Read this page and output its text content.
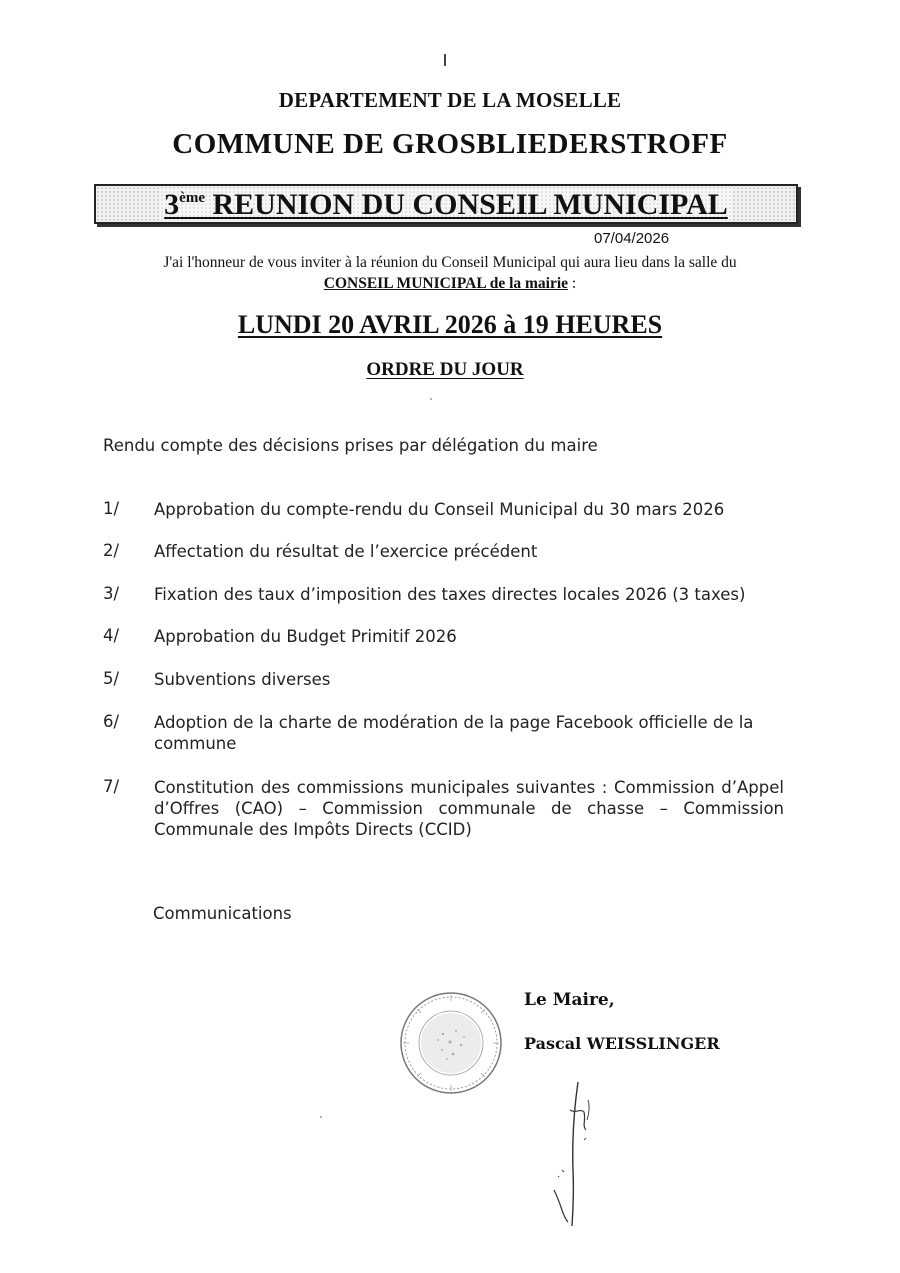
DEPARTEMENT DE LA MOSELLE
COMMUNE DE GROSBLIEDERSTROFF
3ème REUNION DU CONSEIL MUNICIPAL
07/04/2026
J'ai l'honneur de vous inviter à la réunion du Conseil Municipal qui aura lieu dans la salle du
CONSEIL MUNICIPAL de la mairie :
LUNDI 20 AVRIL 2026 à 19 HEURES
ORDRE DU JOUR
Rendu compte des décisions prises par délégation du maire
1/ Approbation du compte-rendu du Conseil Municipal du 30 mars 2026
2/ Affectation du résultat de l’exercice précédent
3/ Fixation des taux d’imposition des taxes directes locales 2026 (3 taxes)
4/ Approbation du Budget Primitif 2026
5/ Subventions diverses
6/ Adoption de la charte de modération de la page Facebook officielle de la commune
7/ Constitution des commissions municipales suivantes : Commission d’Appel d’Offres (CAO) – Commission communale de chasse – Commission Communale des Impôts Directs (CCID)
Communications
Le Maire,
Pascal WEISSLINGER
